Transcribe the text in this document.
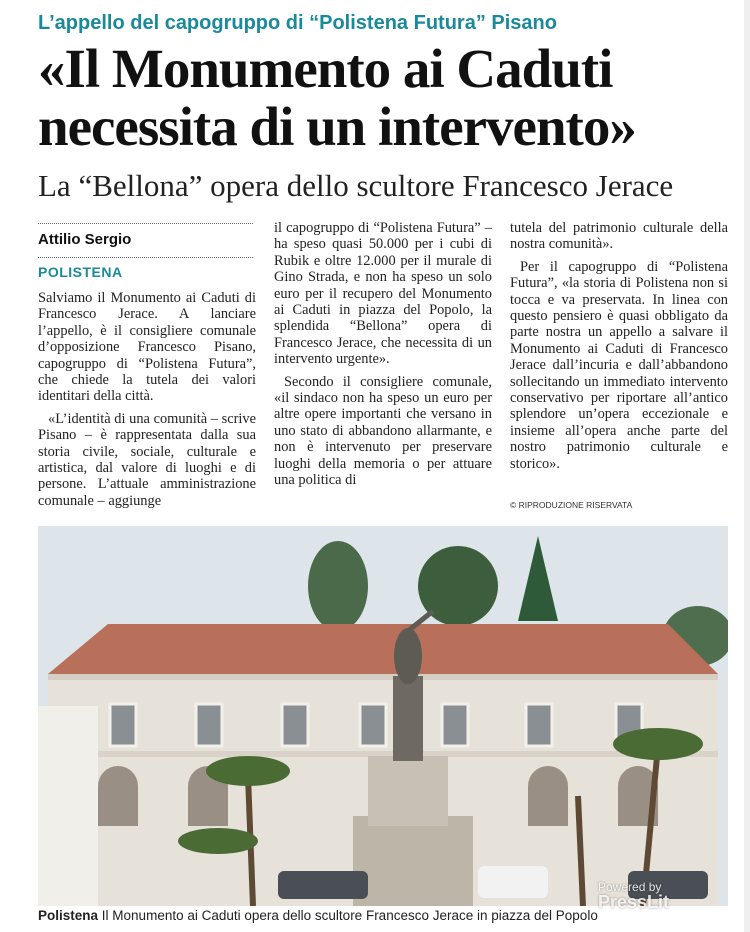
L’appello del capogruppo di “Polistena Futura” Pisano
«Il Monumento ai Caduti
necessita di un intervento»
La “Bellona” opera dello scultore Francesco Jerace
Attilio Sergio
POLISTENA

Salviamo il Monumento ai Caduti di Francesco Jerace. A lanciare l’appello, è il consigliere comunale d’opposizione Francesco Pisano, capogruppo di “Polistena Futura”, che chiede la tutela dei valori identitari della città.

«L’identità di una comunità – scrive Pisano – è rappresentata dalla sua storia civile, sociale, culturale e artistica, dal valore di luoghi e di persone. L’attuale amministrazione comunale – aggiunge

il capogruppo di “Polistena Futura” – ha speso quasi 50.000 per i cubi di Rubik e oltre 12.000 per il murale di Gino Strada, e non ha speso un solo euro per il recupero del Monumento ai Caduti in piazza del Popolo, la splendida “Bellona” opera di Francesco Jerace, che necessita di un intervento urgente».

Secondo il consigliere comunale, «il sindaco non ha speso un euro per altre opere importanti che versano in uno stato di abbandono allarmante, e non è intervenuto per preservare luoghi della memoria o per attuare una politica di

tutela del patrimonio culturale della nostra comunità».

Per il capogruppo di “Polistena Futura”, «la storia di Polistena non si tocca e va preservata. In linea con questo pensiero è quasi obbligato da parte nostra un appello a salvare il Monumento ai Caduti di Francesco Jerace dall’incuria e dall’abbandono sollecitando un immediato intervento conservativo per riportare all’antico splendore un’opera eccezionale e insieme all’opera anche parte del nostro patrimonio culturale e storico».

© RIPRODUZIONE RISERVATA
Powered by
PressLit
Polistena Il Monumento ai Caduti opera dello scultore Francesco Jerace in piazza del Popolo
